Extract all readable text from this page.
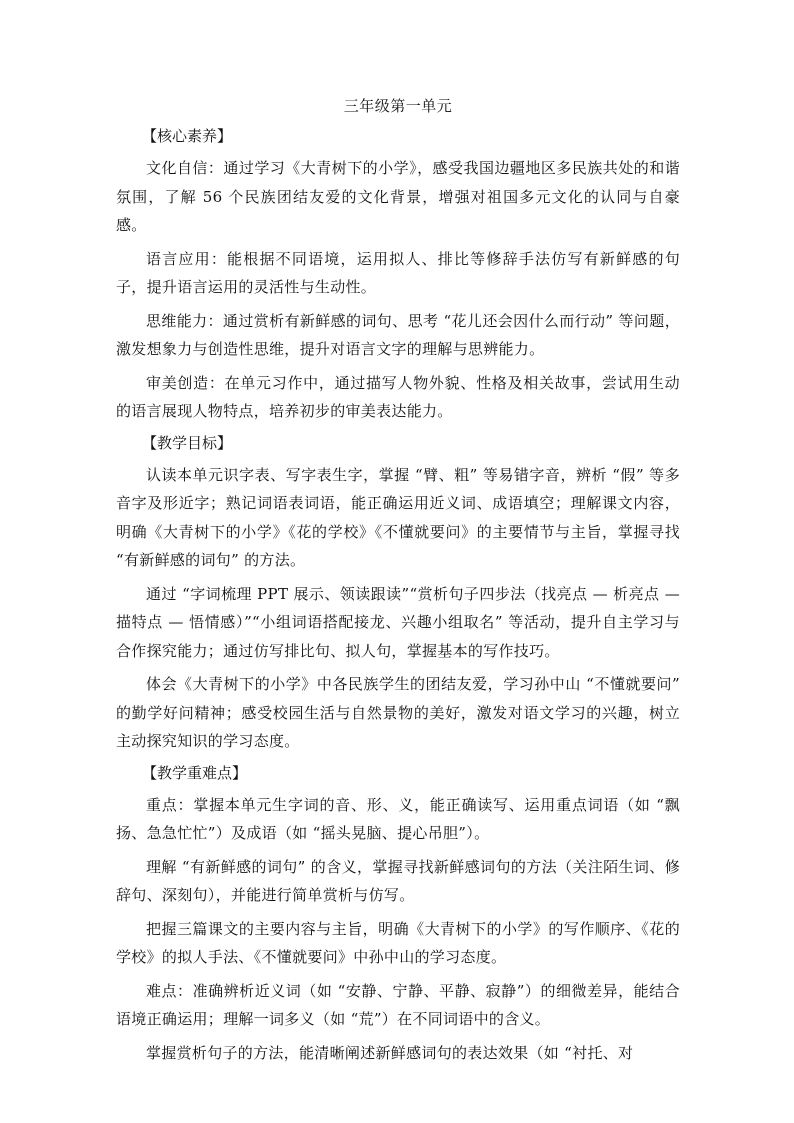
三年级第一单元
【核心素养】

文化自信：通过学习《大青树下的小学》，感受我国边疆地区多民族共处的和谐氛围，了解 56 个民族团结友爱的文化背景，增强对祖国多元文化的认同与自豪感。

语言应用：能根据不同语境，运用拟人、排比等修辞手法仿写有新鲜感的句子，提升语言运用的灵活性与生动性。

思维能力：通过赏析有新鲜感的词句、思考 “花儿还会因什么而行动” 等问题，激发想象力与创造性思维，提升对语言文字的理解与思辨能力。

审美创造：在单元习作中，通过描写人物外貌、性格及相关故事，尝试用生动的语言展现人物特点，培养初步的审美表达能力。

【教学目标】

认读本单元识字表、写字表生字，掌握 “臂、粗” 等易错字音，辨析 “假” 等多音字及形近字；熟记词语表词语，能正确运用近义词、成语填空；理解课文内容，明确《大青树下的小学》《花的学校》《不懂就要问》的主要情节与主旨，掌握寻找 “有新鲜感的词句” 的方法。

通过 “字词梳理 PPT 展示、领读跟读”“赏析句子四步法（找亮点 — 析亮点 — 描特点 — 悟情感）”“小组词语搭配接龙、兴趣小组取名” 等活动，提升自主学习与合作探究能力；通过仿写排比句、拟人句，掌握基本的写作技巧。

体会《大青树下的小学》中各民族学生的团结友爱，学习孙中山 “不懂就要问” 的勤学好问精神；感受校园生活与自然景物的美好，激发对语文学习的兴趣，树立主动探究知识的学习态度。

【教学重难点】

重点：掌握本单元生字词的音、形、义，能正确读写、运用重点词语（如 “飘扬、急急忙忙”）及成语（如 “摇头晃脑、提心吊胆”）。

理解 “有新鲜感的词句” 的含义，掌握寻找新鲜感词句的方法（关注陌生词、修辞句、深刻句），并能进行简单赏析与仿写。

把握三篇课文的主要内容与主旨，明确《大青树下的小学》的写作顺序、《花的学校》的拟人手法、《不懂就要问》中孙中山的学习态度。

难点：准确辨析近义词（如 “安静、宁静、平静、寂静”）的细微差异，能结合语境正确运用；理解一词多义（如 “荒”）在不同词语中的含义。

掌握赏析句子的方法，能清晰阐述新鲜感词句的表达效果（如 “衬托、对
